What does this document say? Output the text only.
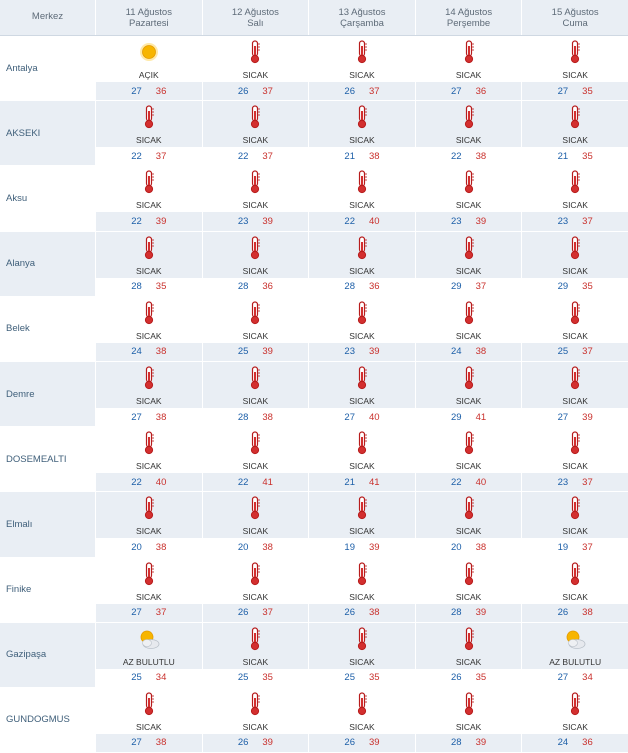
Merkez	11 Ağustos
Pazartesi
12 Ağustos
Salı
13 Ağustos
Çarşamba
14 Ağustos
Perşembe
15 Ağustos
Cuma
Antalya
AÇIK
27 36
SICAK
26 37
SICAK
26 37
SICAK
27 36
SICAK
27 35
AKSEKI
SICAK
22 37
SICAK
22 37
SICAK
21 38
SICAK
22 38
SICAK
21 35
Aksu
SICAK
22 39
SICAK
23 39
SICAK
22 40
SICAK
23 39
SICAK
23 37
Alanya
SICAK
28 35
SICAK
28 36
SICAK
28 36
SICAK
29 37
SICAK
29 35
Belek
SICAK
24 38
SICAK
25 39
SICAK
23 39
SICAK
24 38
SICAK
25 37
Demre
SICAK
27 38
SICAK
28 38
SICAK
27 40
SICAK
29 41
SICAK
27 39
DOSEMEALTI
SICAK
22 40
SICAK
22 41
SICAK
21 41
SICAK
22 40
SICAK
23 37
Elmalı
SICAK
20 38
SICAK
20 38
SICAK
19 39
SICAK
20 38
SICAK
19 37
Finike
SICAK
27 37
SICAK
26 37
SICAK
26 38
SICAK
28 39
SICAK
26 38
Gazipaşa
AZ BULUTLU
25 34
SICAK
25 35
SICAK
25 35
SICAK
26 35
AZ BULUTLU
27 34
GUNDOGMUS
SICAK
27 38
SICAK
26 39
SICAK
26 39
SICAK
28 39
SICAK
24 36
